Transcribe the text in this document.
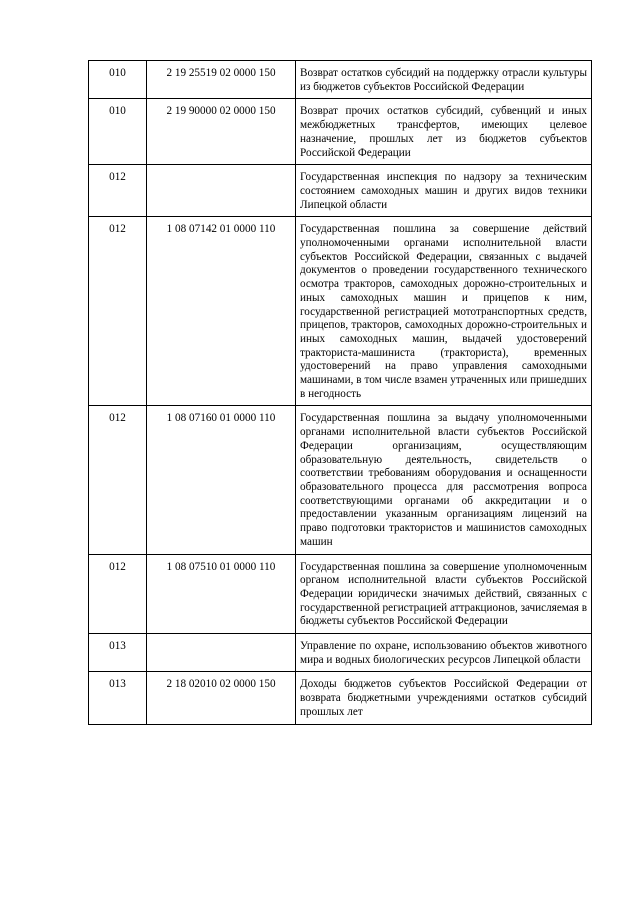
010	2 19 25519 02 0000 150	Возврат остатков субсидий на поддержку отрасли культуры из бюджетов субъектов Российской Федерации
010	2 19 90000 02 0000 150	Возврат прочих остатков субсидий, субвенций и иных межбюджетных трансфертов, имеющих целевое назначение, прошлых лет из бюджетов субъектов Российской Федерации
012		Государственная инспекция по надзору за техническим состоянием самоходных машин и других видов техники Липецкой области
012	1 08 07142 01 0000 110	Государственная пошлина за совершение действий уполномоченными органами исполнительной власти субъектов Российской Федерации, связанных с выдачей документов о проведении государственного технического осмотра тракторов, самоходных дорожно-строительных и иных самоходных машин и прицепов к ним, государственной регистрацией мототранспортных средств, прицепов, тракторов, самоходных дорожно-строительных и иных самоходных машин, выдачей удостоверений тракториста-машиниста (тракториста), временных удостоверений на право управления самоходными машинами, в том числе взамен утраченных или пришедших в негодность
012	1 08 07160 01 0000 110	Государственная пошлина за выдачу уполномоченными органами исполнительной власти субъектов Российской Федерации организациям, осуществляющим образовательную деятельность, свидетельств о соответствии требованиям оборудования и оснащенности образовательного процесса для рассмотрения вопроса соответствующими органами об аккредитации и о предоставлении указанным организациям лицензий на право подготовки трактористов и машинистов самоходных машин
012	1 08 07510 01 0000 110	Государственная пошлина за совершение уполномоченным органом исполнительной власти субъектов Российской Федерации юридически значимых действий, связанных с государственной регистрацией аттракционов, зачисляемая в бюджеты субъектов Российской Федерации
013		Управление по охране, использованию объектов животного мира и водных биологических ресурсов Липецкой области
013	2 18 02010 02 0000 150	Доходы бюджетов субъектов Российской Федерации от возврата бюджетными учреждениями остатков субсидий прошлых лет
